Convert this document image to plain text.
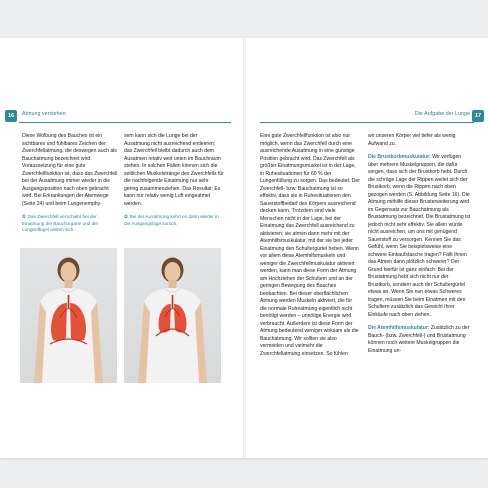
16	Atmung verstehen

Diese Wölbung des Bauches ist ein sichtbares und fühlbares Zeichen der Zwerchfellatmung, die deswegen auch als Bauchatmung bezeichnet wird. Voraussetzung für eine gute Zwerchfellfunktion ist, dass das Zwerchfell bei der Ausatmung immer wieder in die Ausgangsposition nach oben gebracht wird. Bei Erkrankungen der Atemwege (Seite 24) und beim Lungenemphy-

① Das Zwerchfell verschiebt bei der Einatmung die Bauchorgane und die Lungenflügel weiten sich.

sem kann sich die Lunge bei der Ausatmung nicht ausreichend entleeren; das Zwerchfell bleibt dadurch auch dem Ausatmen relativ weit unten im Bauchraum stehen. In solchen Fällen können sich die seitlichen Muskelstränge des Zwerchfells für die nachfolgende Einatmung nur sehr gering zusammenziehen. Das Resultat: Es kann nur relativ wenig Luft eingeatmet werden.

② Bei der Ausatmung kehrt es dann wieder in die Ausgangslage zurück.

Die Aufgabe der Lunge 17

Eine gute Zwerchfellfunktion ist also nur möglich, wenn das Zwerchfell durch eine ausreichende Ausatmung in eine günstige Position gebracht wird. Das Zwerchfell als größter Einatmungsmuskel ist in der Lage, in Ruhesituationen für 60 % der Lungenfüllung zu sorgen. Das bedeutet: Der Zwerchfell- bzw. Bauchatmung ist so effektiv, dass sie in Ruhesituationen den Sauerstoffbedarf des Körpers ausreichend decken kann. Trotzdem sind viele Menschen nicht in der Lage, bei der Einatmung das Zwerchfell ausreichend zu aktivieren; sie atmen dann mehr mit der Atemhilfsmuskulatur, mit der sie bei jeder Einatmung den Schultergürtel heben. Wenn vor allem diese Atemhilfsmuskeln und weniger die Zwerchfellmuskulatur aktiviert werden, kann man diese Form der Atmung am Hochziehen der Schultern und an der geringen Bewegung des Bauches beobachten. Bei dieser oberflächlichen Atmung werden Muskeln aktiviert, die für die normale Ruheatmung eigentlich nicht benötigt werden – unnötige Energie wird verbraucht. Außerdem ist diese Form der Atmung bedeutend weniger wirksam als die Bauchatmung. Wir sollten sie also vermeiden und vielmehr die Zwerchfellatmung einsetzen. So fühlen

wir unseren Körper viel tiefer als wenig Aufwand zu.

Die Brustkorbmuskulatur: Wir verfügen über mehrere Muskelgruppen, die dafür sorgen, dass sich der Brustkorb hebt. Durch die schräge Lage der Rippen weitet sich der Brustkorb, wenn die Rippen nach oben gezogen werden (S. Abbildung Seite 16). Die Atmung mithilfe dieser Brusterweiterung wird im Gegensatz zur Bauchatmung als Brustatmung bezeichnet. Die Brustatmung ist jedoch nicht sehr effektiv. Sie allein würde nicht ausreichen, um uns mit genügend Sauerstoff zu versorgen. Kennen Sie das Gefühl, wenn Sie beispielsweise eine schwere Einkaufstasche tragen? Fällt Ihnen das Atmen dann plötzlich schwerer? Der Grund hierfür ist ganz einfach: Bei der Brustatmung hebt sich nicht nur der Brustkorb, sondern auch der Schultergürtel etwas an. Wenn Sie nun etwas Schweres tragen, müssen Sie beim Einatmen mit den Schultern zusätzlich das Gewicht Ihrer Einkäufe nach oben ziehen.

Die Atemhilfsmuskulatur: Zusätzlich zu der Bauch- (bzw. Zwerchfell-) und Brustatmung können noch weitere Muskelgruppen die Einatmung un-
